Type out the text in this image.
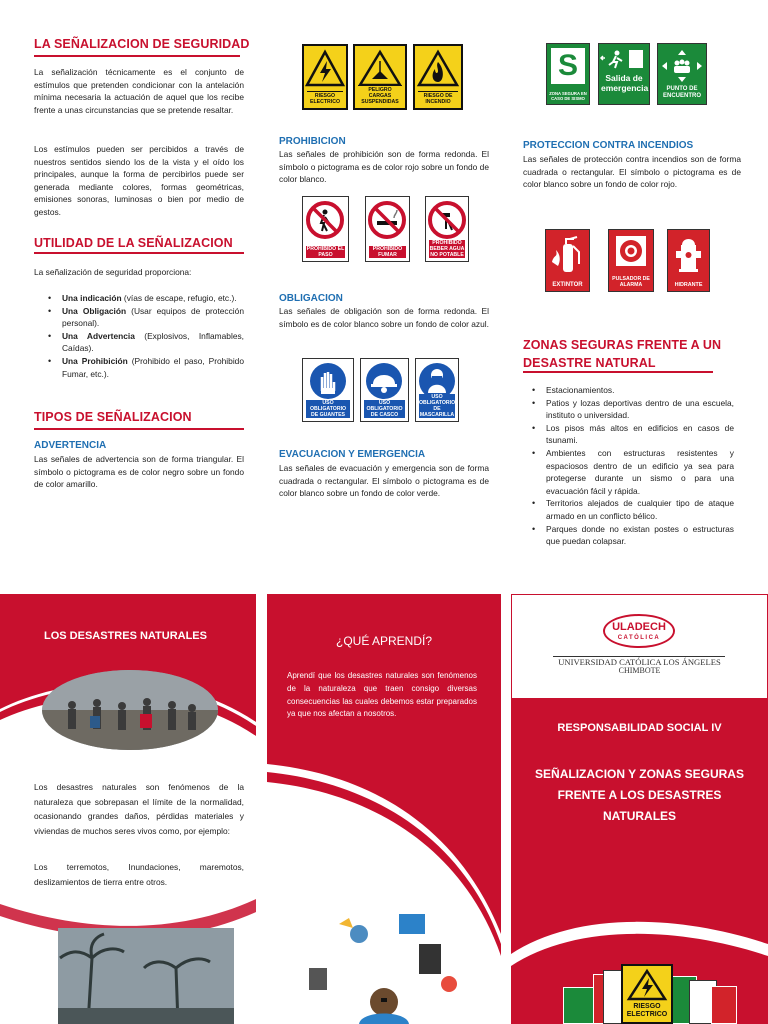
LA SEÑALIZACION DE SEGURIDAD

La señalización técnicamente es el conjunto de estímulos que pretenden condicionar con la antelación mínima necesaria la actuación de aquel que los recibe frente a unas circunstancias que se pretende resaltar.

Los estímulos pueden ser percibidos a través de nuestros sentidos siendo los de la vista y el oído los principales, aunque la forma de percibirlos puede ser generada mediante colores, formas geométricas, emisiones sonoras, luminosas o bien por medio de gestos.

UTILIDAD DE LA SEÑALIZACION

La señalización de seguridad proporciona:

• Una indicación (vías de escape, refugio, etc.).
• Una Obligación (Usar equipos de protección personal).
• Una Advertencia (Explosivos, Inflamables, Caídas).
• Una Prohibición (Prohibido el paso, Prohibido Fumar, etc.).
TIPOS DE SEÑALIZACION
ADVERTENCIA

Las señales de advertencia son de forma triangular. El símbolo o pictograma es de color negro sobre un fondo de color amarillo.

RIESGO ELECTRICO
PELIGRO CARGAS SUSPENDIDAS
RIESGO DE INCENDIO
PROHIBICION

Las señales de prohibición son de forma redonda. El símbolo o pictograma es de color rojo sobre un fondo de color blanco.

PROHIBIDO EL PASO
PROHIBIDO FUMAR
PROHIBIDO BEBER AGUA NO POTABLE
OBLIGACION

Las señales de obligación son de forma redonda. El símbolo es de color blanco sobre un fondo de color azul.

USO OBLIGATORIO DE GUANTES
USO OBLIGATORIO DE CASCO
USO OBLIGATORIO DE MASCARILLA
EVACUACION Y EMERGENCIA

Las señales de evacuación y emergencia son de forma cuadrada o rectangular. El símbolo o pictograma es de color blanco sobre un fondo de color verde.

S
ZONA SEGURA EN CASO DE SISMO
Salida de emergencia	PUNTO DE ENCUENTRO
PROTECCION CONTRA INCENDIOS

Las señales de protección contra incendios son de forma cuadrada o rectangular. El símbolo o pictograma es de color blanco sobre un fondo de color rojo.

EXTINTOR
PULSADOR DE ALARMA	HIDRANTE
ZONAS SEGURAS FRENTE A UN
DESASTRE NATURAL
• Estacionamientos.
• Patios y lozas deportivas dentro de una escuela, instituto o universidad.
• Los pisos más altos en edificios en casos de tsunami.
• Ambientes con estructuras resistentes y espaciosos dentro de un edificio ya sea para protegerse durante un sismo o para una evacuación fácil y rápida.
• Territorios alejados de cualquier tipo de ataque armado en un conflicto bélico.
• Parques donde no existan postes o estructuras que puedan colapsar.
LOS DESASTRES NATURALES

Los desastres naturales son fenómenos de la naturaleza que sobrepasan el límite de la normalidad, ocasionando grandes daños, pérdidas materiales y viviendas de muchos seres vivos como, por ejemplo:

Los terremotos, Inundaciones, maremotos, deslizamientos de tierra entre otros.

¿QUÉ APRENDÍ?

Aprendí que los desastres naturales son fenómenos de la naturaleza que traen consigo diversas consecuencias las cuales debemos estar preparados ya que nos afectan a nosotros.

ULADECH
CATÓLICA
UNIVERSIDAD CATÓLICA LOS ÁNGELES
CHIMBOTE
RESPONSABILIDAD SOCIAL IV
SEÑALIZACION Y ZONAS SEGURAS FRENTE A LOS DESASTRES NATURALES
RIESGO ELECTRICO
